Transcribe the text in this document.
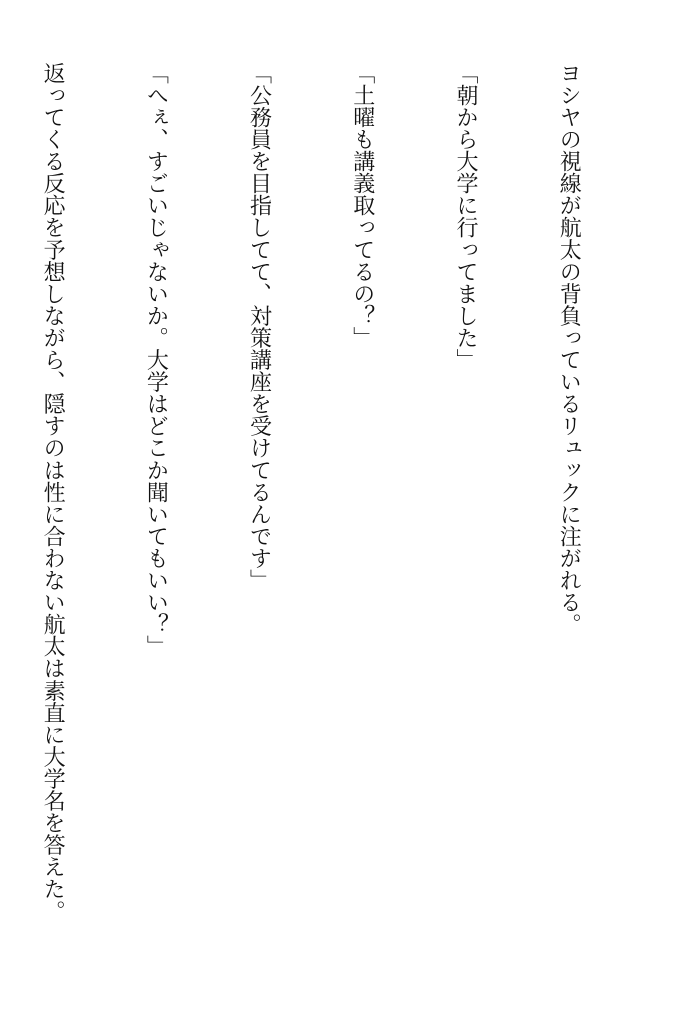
ヨシヤの視線が航太の背負っているリュックに注がれる。

「朝から大学に行ってました」

「土曜も講義取ってるの？」

「公務員を目指してて、対策講座を受けてるんです」

「へぇ、すごいじゃないか。大学はどこか聞いてもいい？」

返ってくる反応を予想しながら、隠すのは性に合わない航太は素直に大学名を答えた。
